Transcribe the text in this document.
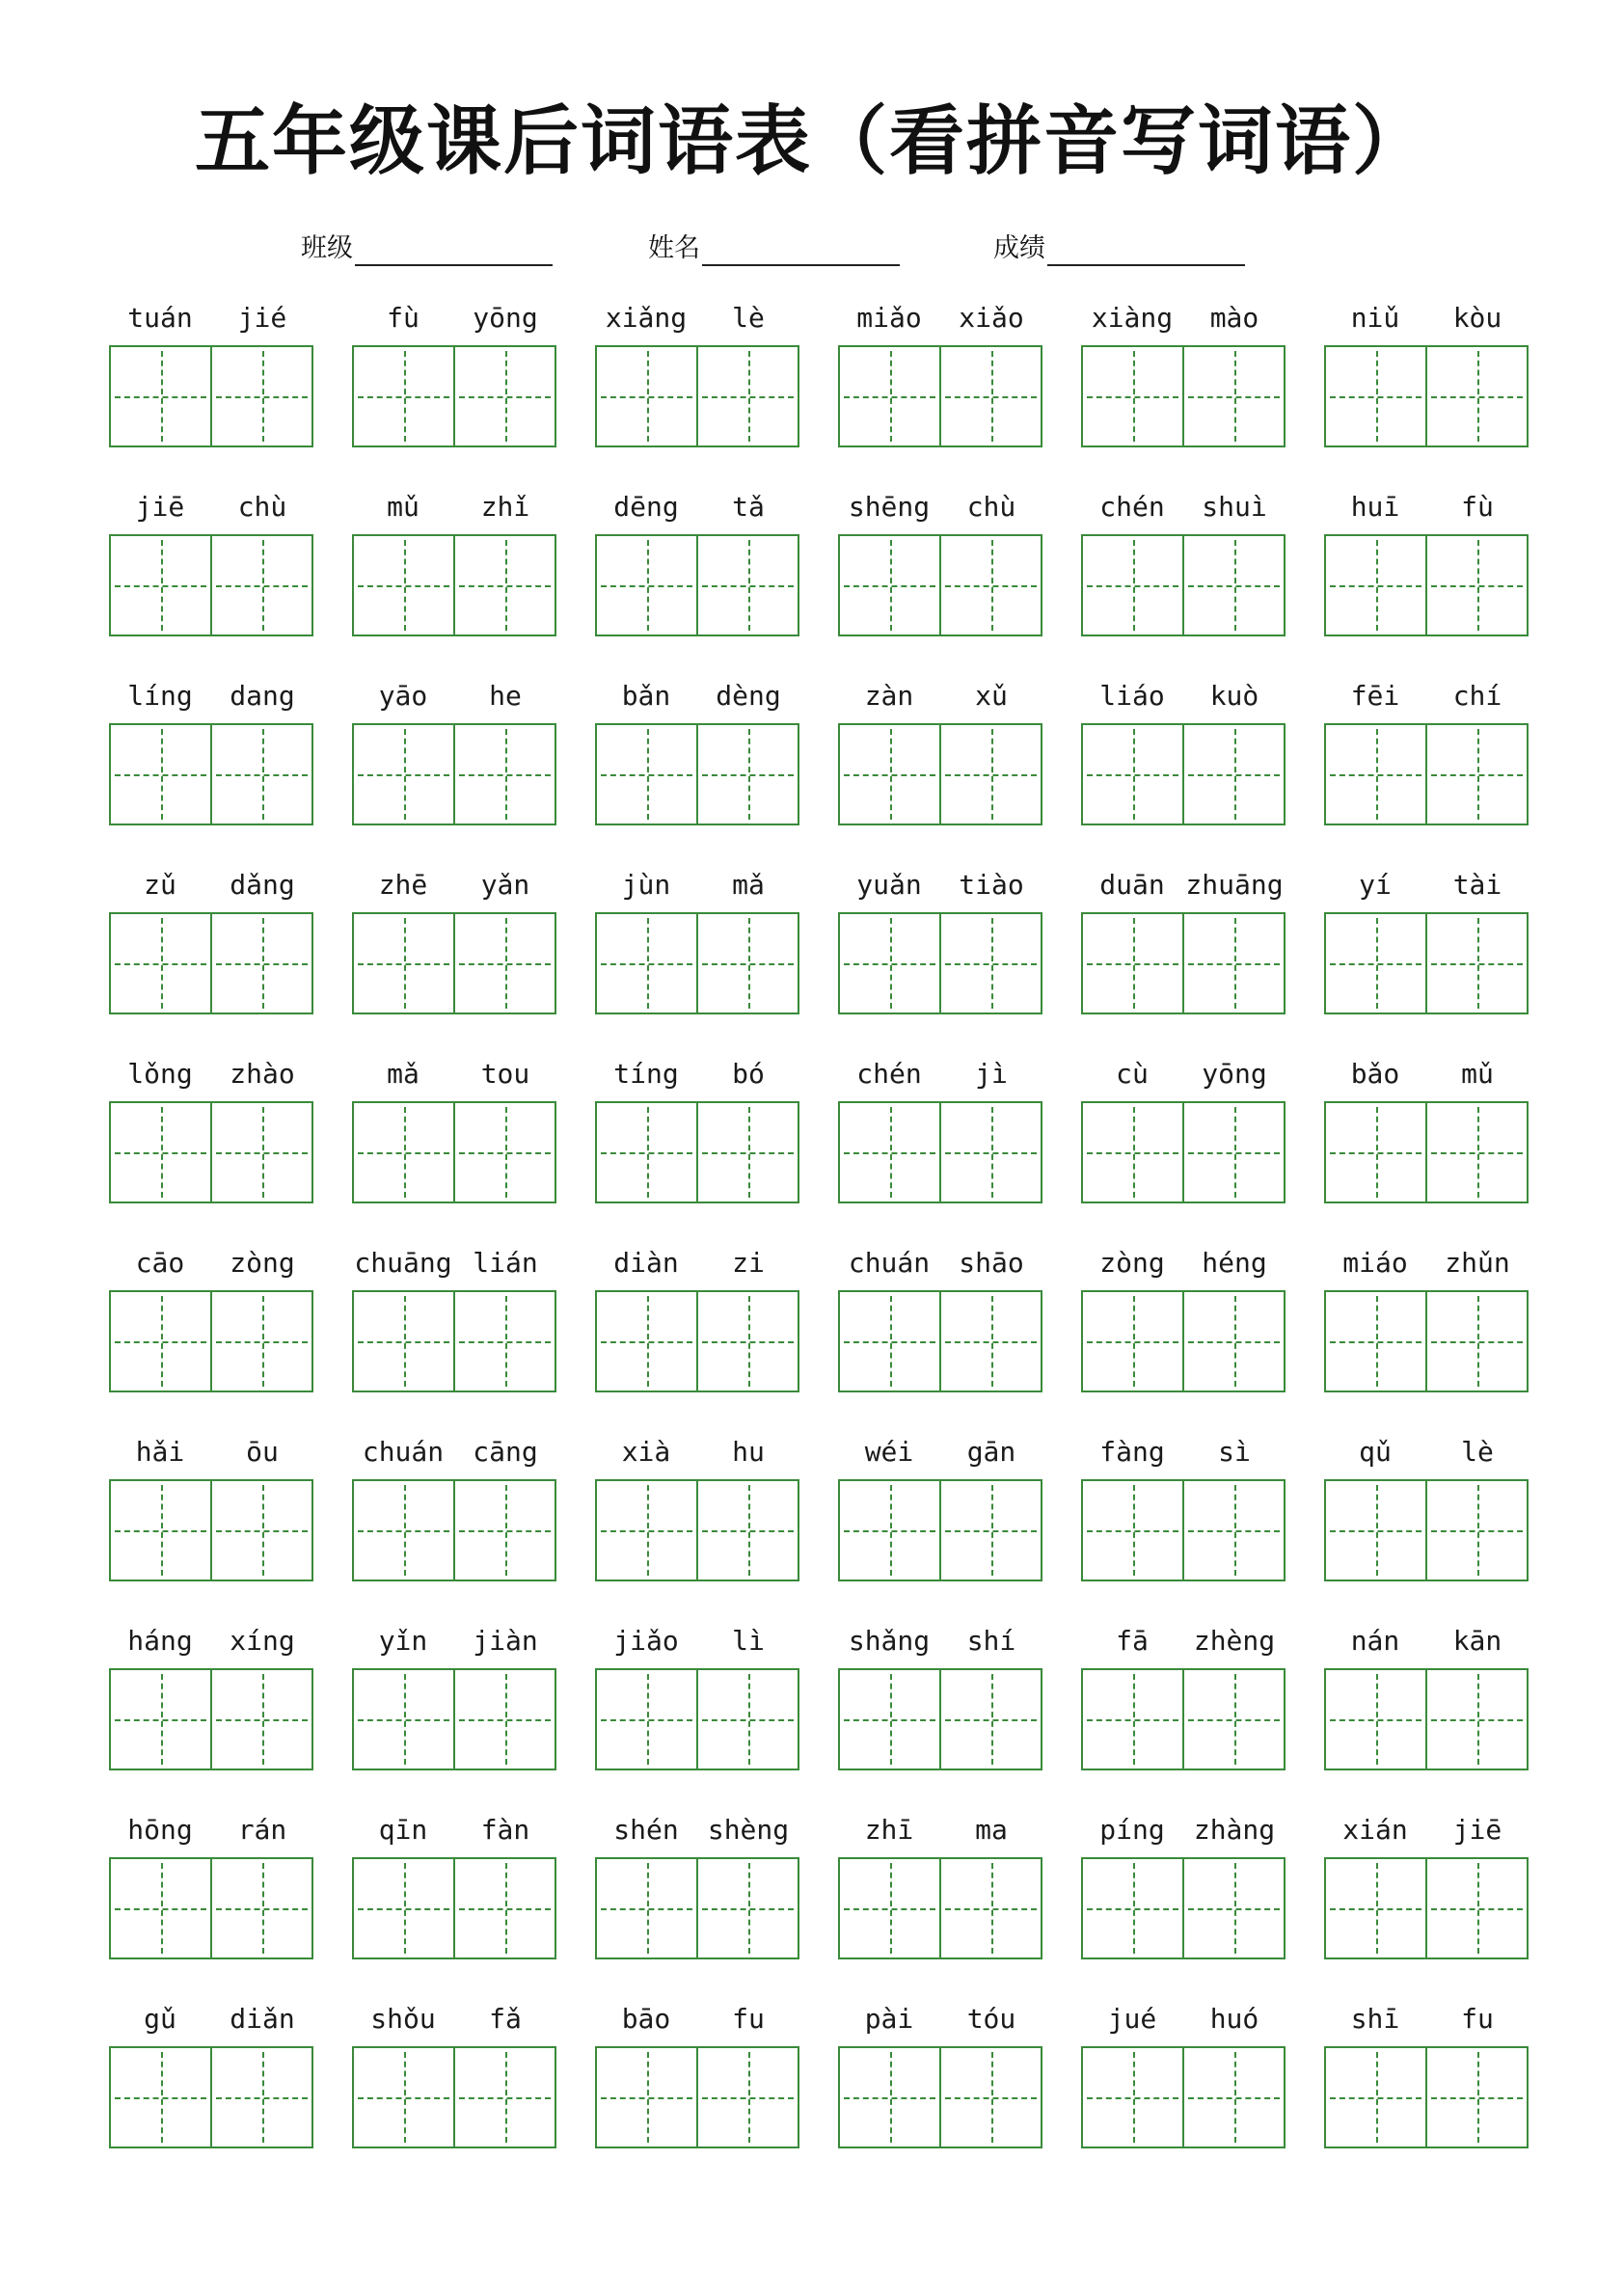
五年级课后词语表（看拼音写词语）
班级	姓名	成绩
tuán	jié	fù	yōng	xiǎng	lè	miǎo	xiǎo	xiàng	mào	niǔ	kòu
jiē	chù	mǔ	zhǐ	dēng	tǎ	shēng	chù	chén	shuì	huī	fù
líng	dang	yāo	he	bǎn	dèng	zàn	xǔ	liáo	kuò	fēi	chí
zǔ	dǎng	zhē	yǎn	jùn	mǎ	yuǎn	tiào	duān zhuāng	yí	tài
lǒng	zhào	mǎ	tou	tíng	bó	chén	jì	cù	yōng	bǎo	mǔ
cāo	zòng	chuāng lián	diàn	zi	chuán	shāo	zòng	héng	miáo	zhǔn
hǎi	ōu	chuán	cāng	xià	hu	wéi	gān	fàng	sì	qǔ	lè
háng	xíng	yǐn	jiàn	jiǎo	lì	shǎng	shí	fā	zhèng	nán	kān
hōng	rán	qīn	fàn	shén	shèng	zhī	ma	píng	zhàng	xián	jiē
gǔ	diǎn	shǒu	fǎ	bāo	fu	pài	tóu	jué	huó	shī	fu
